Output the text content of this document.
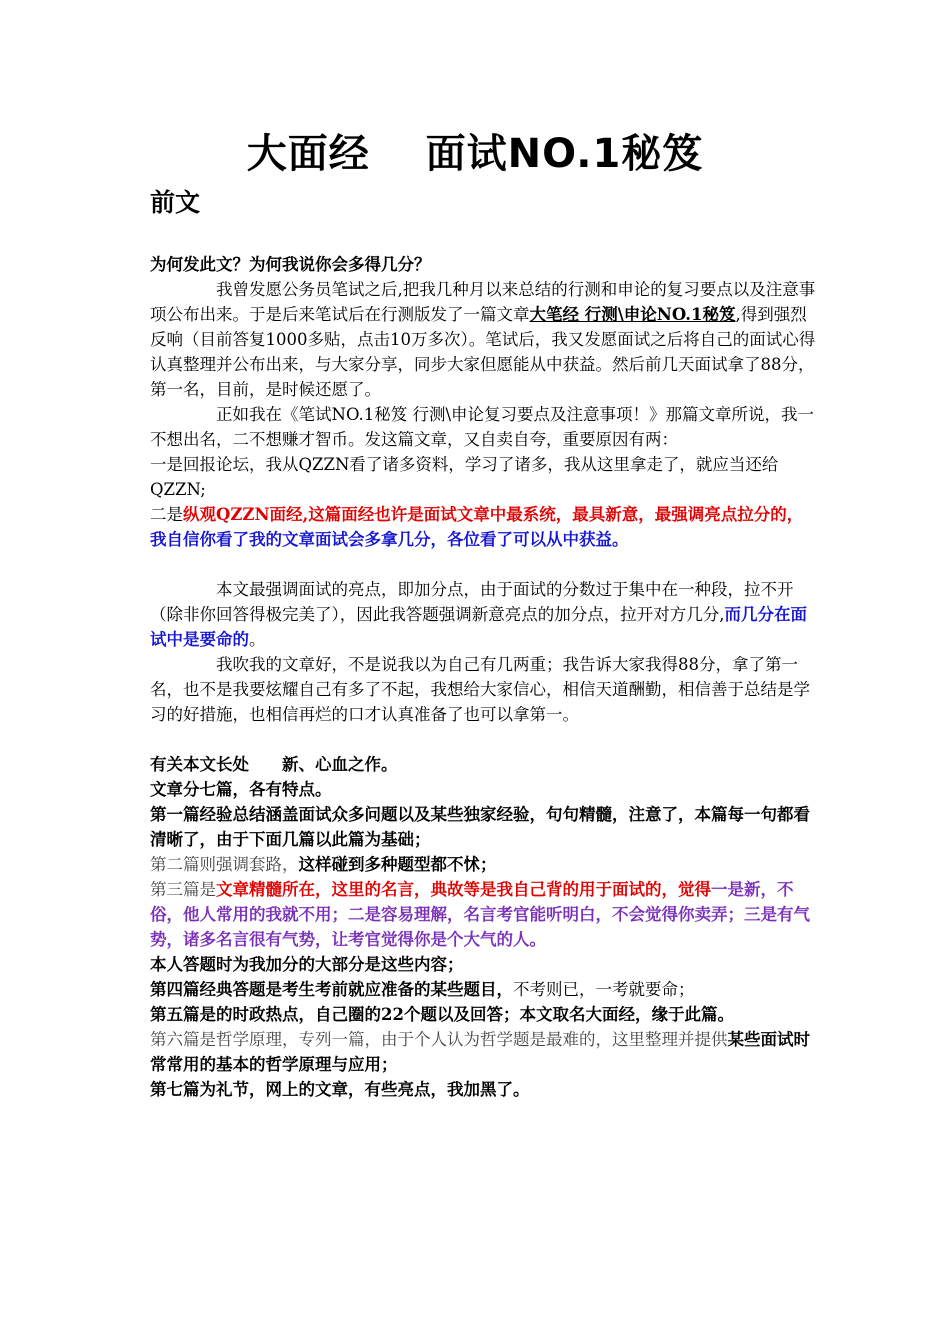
大面经　 面试NO.1秘笈
前文

为何发此文？为何我说你会多得几分？

我曾发愿公务员笔试之后,把我几种月以来总结的行测和申论的复习要点以及注意事项公布出来。于是后来笔试后在行测版发了一篇文章大笔经 行测\申论NO.1秘笈,得到强烈反响（目前答复1000多贴，点击10万多次）。笔试后，我又发愿面试之后将自己的面试心得认真整理并公布出来，与大家分享，同步大家但愿能从中获益。然后前几天面试拿了88分，第一名，目前，是时候还愿了。

正如我在《笔试NO.1秘笈 行测\申论复习要点及注意事项！》那篇文章所说，我一不想出名，二不想赚才智币。发这篇文章，又自卖自夸，重要原因有两：

一是回报论坛，我从QZZN看了诸多资料，学习了诸多，我从这里拿走了，就应当还给QZZN;

二是纵观QZZN面经,这篇面经也许是面试文章中最系统，最具新意，最强调亮点拉分的，我自信你看了我的文章面试会多拿几分，各位看了可以从中获益。

本文最强调面试的亮点，即加分点，由于面试的分数过于集中在一种段，拉不开（除非你回答得极完美了），因此我答题强调新意亮点的加分点，拉开对方几分,而几分在面试中是要命的。

我吹我的文章好，不是说我以为自己有几两重；我告诉大家我得88分，拿了第一名，也不是我要炫耀自己有多了不起，我想给大家信心，相信天道酬勤，相信善于总结是学习的好措施，也相信再烂的口才认真准备了也可以拿第一。

有关本文长处　　新、心血之作。

文章分七篇，各有特点。

第一篇经验总结涵盖面试众多问题以及某些独家经验，句句精髓，注意了，本篇每一句都看清晰了，由于下面几篇以此篇为基础；

第二篇则强调套路，这样碰到多种题型都不怵；

第三篇是文章精髓所在，这里的名言，典故等是我自己背的用于面试的，觉得一是新，不俗，他人常用的我就不用；二是容易理解，名言考官能听明白，不会觉得你卖弄；三是有气势，诸多名言很有气势，让考官觉得你是个大气的人。

本人答题时为我加分的大部分是这些内容；

第四篇经典答题是考生考前就应准备的某些题目，不考则已，一考就要命；

第五篇是的时政热点，自己圈的22个题以及回答；本文取名大面经，缘于此篇。

第六篇是哲学原理，专列一篇，由于个人认为哲学题是最难的，这里整理并提供某些面试时常常用的基本的哲学原理与应用；

第七篇为礼节，网上的文章，有些亮点，我加黑了。
